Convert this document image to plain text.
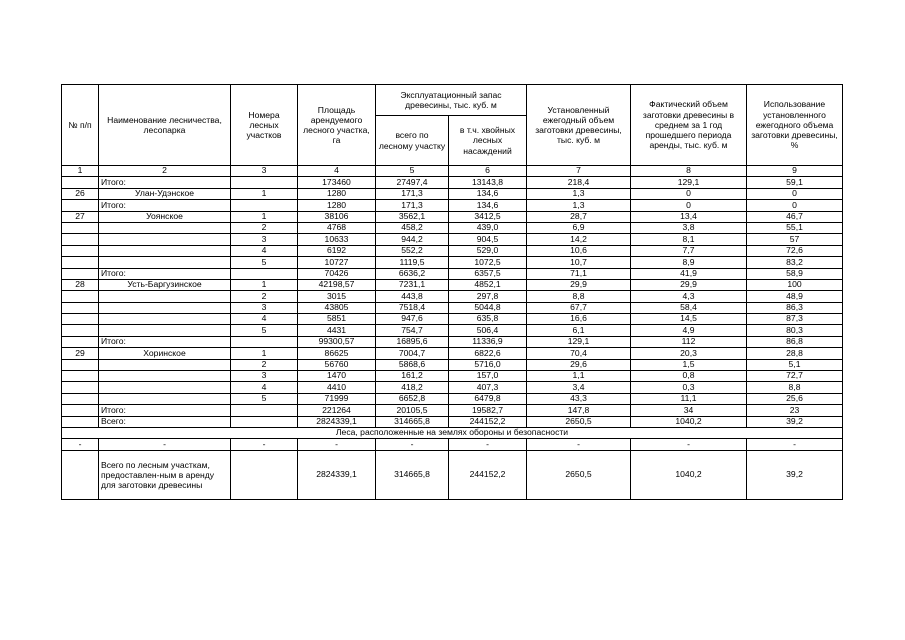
№ п/п	Наименование лесничества, лесопарка	Номера лесных участков	Площадь арендуемого лесного участка, га	Эксплуатационный запас древесины, тыс. куб. м		Установленный ежегодный объем заготовки древесины, тыс. куб. м	Фактический объем заготовки древесины в среднем за 1 год прошедшего периода аренды, тыс. куб. м	Использование установленного ежегодного объема заготовки древесины, %
				всего по лесному участку	в т.ч. хвойных лесных насаждений			
1	2	3	4	5	6	7	8	9
	Итого:		173460	27497,4	13143,8	218,4	129,1	59,1
26	Улан-Удэнское	1	1280	171,3	134,6	1,3	0	0
	Итого:		1280	171,3	134,6	1,3	0	0
27	Уоянское	1	38106	3562,1	3412,5	28,7	13,4	46,7
		2	4768	458,2	439,0	6,9	3,8	55,1
		3	10633	944,2	904,5	14,2	8,1	57
		4	6192	552,2	529,0	10,6	7,7	72,6
		5	10727	1119,5	1072,5	10,7	8,9	83,2
	Итого:		70426	6636,2	6357,5	71,1	41,9	58,9
28	Усть-Баргузинское	1	42198,57	7231,1	4852,1	29,9	29,9	100
		2	3015	443,8	297,8	8,8	4,3	48,9
		3	43805	7518,4	5044,8	67,7	58,4	86,3
		4	5851	947,6	635,8	16,6	14,5	87,3
		5	4431	754,7	506,4	6,1	4,9	80,3
	Итого:		99300,57	16895,6	11336,9	129,1	112	86,8
29	Хоринское	1	86625	7004,7	6822,6	70,4	20,3	28,8
		2	56760	5868,6	5716,0	29,6	1,5	5,1
		3	1470	161,2	157,0	1,1	0,8	72,7
		4	4410	418,2	407,3	3,4	0,3	8,8
		5	71999	6652,8	6479,8	43,3	11,1	25,6
	Итого:		221264	20105,5	19582,7	147,8	34	23
	Всего:		2824339,1	314665,8	244152,2	2650,5	1040,2	39,2
Леса, расположенные на землях обороны и безопасности								
-	-	-	-	-	-	-	-	-
	Всего по лесным участкам, предоставлен-ным в аренду для заготовки древесины		2824339,1	314665,8	244152,2	2650,5	1040,2	39,2
